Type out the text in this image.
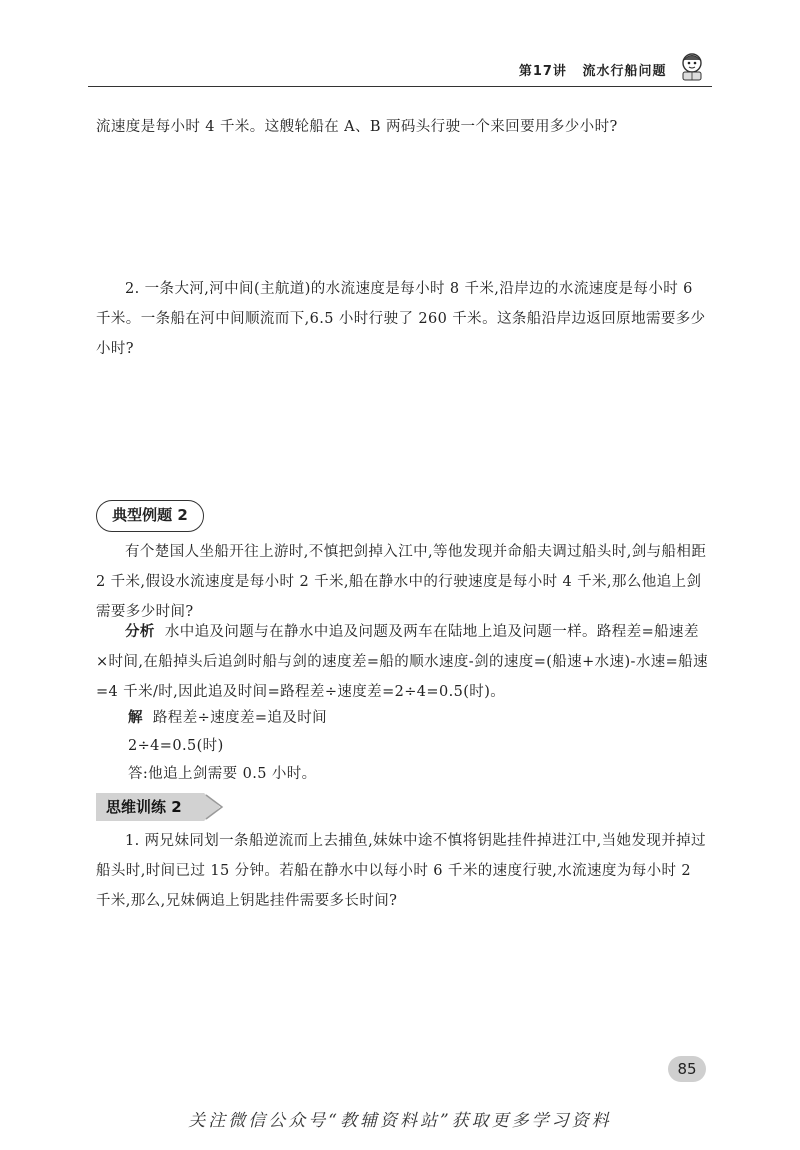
第17讲 流水行船问题
流速度是每小时 4 千米。这艘轮船在 A、B 两码头行驶一个来回要用多少小时?
2. 一条大河,河中间(主航道)的水流速度是每小时 8 千米,沿岸边的水流速度是每小时 6 千米。一条船在河中间顺流而下,6.5 小时行驶了 260 千米。这条船沿岸边返回原地需要多少小时?
典型例题 2
有个楚国人坐船开往上游时,不慎把剑掉入江中,等他发现并命船夫调过船头时,剑与船相距 2 千米,假设水流速度是每小时 2 千米,船在静水中的行驶速度是每小时 4 千米,那么他追上剑需要多少时间?
分析 水中追及问题与在静水中追及问题及两车在陆地上追及问题一样。路程差=船速差×时间,在船掉头后追剑时船与剑的速度差=船的顺水速度-剑的速度=(船速+水速)-水速=船速=4 千米/时,因此追及时间=路程差÷速度差=2÷4=0.5(时)。
解 路程差÷速度差=追及时间
2÷4=0.5(时)
答:他追上剑需要 0.5 小时。
思维训练 2
1. 两兄妹同划一条船逆流而上去捕鱼,妹妹中途不慎将钥匙挂件掉进江中,当她发现并掉过船头时,时间已过 15 分钟。若船在静水中以每小时 6 千米的速度行驶,水流速度为每小时 2 千米,那么,兄妹俩追上钥匙挂件需要多长时间?
85
关注微信公众号“教辅资料站”获取更多学习资料
